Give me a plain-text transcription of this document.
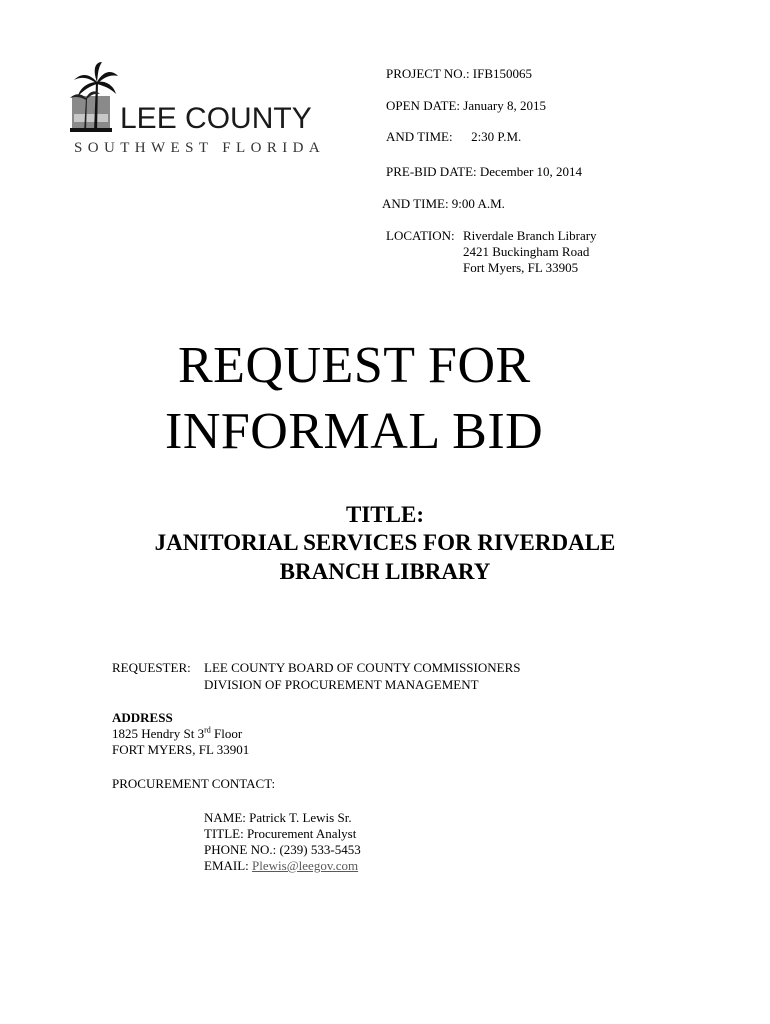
LEE COUNTY
SOUTHWEST FLORIDA
PROJECT NO.: IFB150065
OPEN DATE: January 8, 2015
AND TIME: 2:30 P.M.
PRE-BID DATE: December 10, 2014
AND TIME: 9:00 A.M.
LOCATION: Riverdale Branch Library
2421 Buckingham Road
Fort Myers, FL 33905
REQUEST FOR
INFORMAL BID
TITLE:
JANITORIAL SERVICES FOR RIVERDALE
BRANCH LIBRARY
REQUESTER: LEE COUNTY BOARD OF COUNTY COMMISSIONERS
DIVISION OF PROCUREMENT MANAGEMENT
ADDRESS
1825 Hendry St 3rd Floor
FORT MYERS, FL 33901
PROCUREMENT CONTACT:
NAME: Patrick T. Lewis Sr.
TITLE: Procurement Analyst
PHONE NO.: (239) 533-5453
EMAIL: Plewis@leegov.com
